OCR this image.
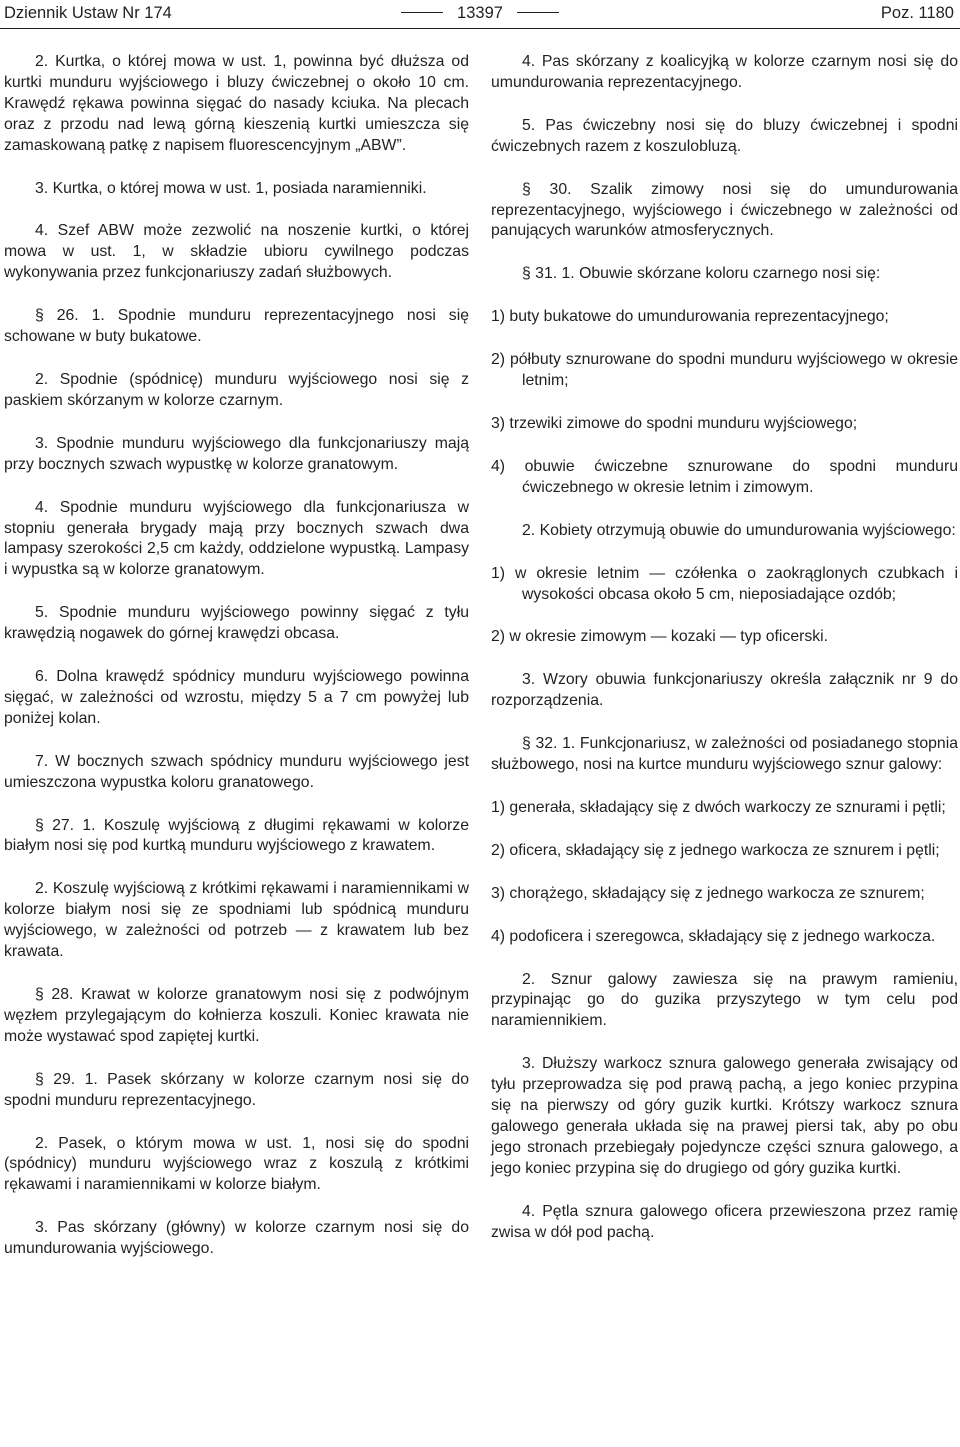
Dziennik Ustaw Nr 174	13397	Poz. 1180

2. Kurtka, o której mowa w ust. 1, powinna być dłuższa od kurtki munduru wyjściowego i bluzy ćwiczebnej o około 10 cm. Krawędź rękawa powinna sięgać do nasady kciuka. Na plecach oraz z przodu nad lewą górną kieszenią kurtki umieszcza się zamaskowaną patkę z napisem fluorescencyjnym „ABW”.

3. Kurtka, o której mowa w ust. 1, posiada naramienniki.

4. Szef ABW może zezwolić na noszenie kurtki, o której mowa w ust. 1, w składzie ubioru cywilnego podczas wykonywania przez funkcjonariuszy zadań służbowych.

§ 26. 1. Spodnie munduru reprezentacyjnego nosi się schowane w buty bukatowe.

2. Spodnie (spódnicę) munduru wyjściowego nosi się z paskiem skórzanym w kolorze czarnym.

3. Spodnie munduru wyjściowego dla funkcjonariuszy mają przy bocznych szwach wypustkę w kolorze granatowym.

4. Spodnie munduru wyjściowego dla funkcjonariusza w stopniu generała brygady mają przy bocznych szwach dwa lampasy szerokości 2,5 cm każdy, oddzielone wypustką. Lampasy i wypustka są w kolorze granatowym.

5. Spodnie munduru wyjściowego powinny sięgać z tyłu krawędzią nogawek do górnej krawędzi obcasa.

6. Dolna krawędź spódnicy munduru wyjściowego powinna sięgać, w zależności od wzrostu, między 5 a 7 cm powyżej lub poniżej kolan.

7. W bocznych szwach spódnicy munduru wyjściowego jest umieszczona wypustka koloru granatowego.

§ 27. 1. Koszulę wyjściową z długimi rękawami w kolorze białym nosi się pod kurtką munduru wyjściowego z krawatem.

2. Koszulę wyjściową z krótkimi rękawami i naramiennikami w kolorze białym nosi się ze spodniami lub spódnicą munduru wyjściowego, w zależności od potrzeb — z krawatem lub bez krawata.

§ 28. Krawat w kolorze granatowym nosi się z podwójnym węzłem przylegającym do kołnierza koszuli. Koniec krawata nie może wystawać spod zapiętej kurtki.

§ 29. 1. Pasek skórzany w kolorze czarnym nosi się do spodni munduru reprezentacyjnego.

2. Pasek, o którym mowa w ust. 1, nosi się do spodni (spódnicy) munduru wyjściowego wraz z koszulą z krótkimi rękawami i naramiennikami w kolorze białym.

3. Pas skórzany (główny) w kolorze czarnym nosi się do umundurowania wyjściowego.

4. Pas skórzany z koalicyjką w kolorze czarnym nosi się do umundurowania reprezentacyjnego.

5. Pas ćwiczebny nosi się do bluzy ćwiczebnej i spodni ćwiczebnych razem z koszulobluzą.

§ 30. Szalik zimowy nosi się do umundurowania reprezentacyjnego, wyjściowego i ćwiczebnego w zależności od panujących warunków atmosferycznych.

§ 31. 1. Obuwie skórzane koloru czarnego nosi się:

1) buty bukatowe do umundurowania reprezentacyjnego;

2) półbuty sznurowane do spodni munduru wyjściowego w okresie letnim;

3) trzewiki zimowe do spodni munduru wyjściowego;

4) obuwie ćwiczebne sznurowane do spodni munduru ćwiczebnego w okresie letnim i zimowym.

2. Kobiety otrzymują obuwie do umundurowania wyjściowego:

1) w okresie letnim — czółenka o zaokrąglonych czubkach i wysokości obcasa około 5 cm, nieposiadające ozdób;

2) w okresie zimowym — kozaki — typ oficerski.

3. Wzory obuwia funkcjonariuszy określa załącznik nr 9 do rozporządzenia.

§ 32. 1. Funkcjonariusz, w zależności od posiadanego stopnia służbowego, nosi na kurtce munduru wyjściowego sznur galowy:

1) generała, składający się z dwóch warkoczy ze sznurami i pętli;

2) oficera, składający się z jednego warkocza ze sznurem i pętli;

3) chorążego, składający się z jednego warkocza ze sznurem;

4) podoficera i szeregowca, składający się z jednego warkocza.

2. Sznur galowy zawiesza się na prawym ramieniu, przypinając go do guzika przyszytego w tym celu pod naramiennikiem.

3. Dłuższy warkocz sznura galowego generała zwisający od tyłu przeprowadza się pod prawą pachą, a jego koniec przypina się na pierwszy od góry guzik kurtki. Krótszy warkocz sznura galowego generała układa się na prawej piersi tak, aby po obu jego stronach przebiegały pojedyncze części sznura galowego, a jego koniec przypina się do drugiego od góry guzika kurtki.

4. Pętla sznura galowego oficera przewieszona przez ramię zwisa w dół pod pachą.
